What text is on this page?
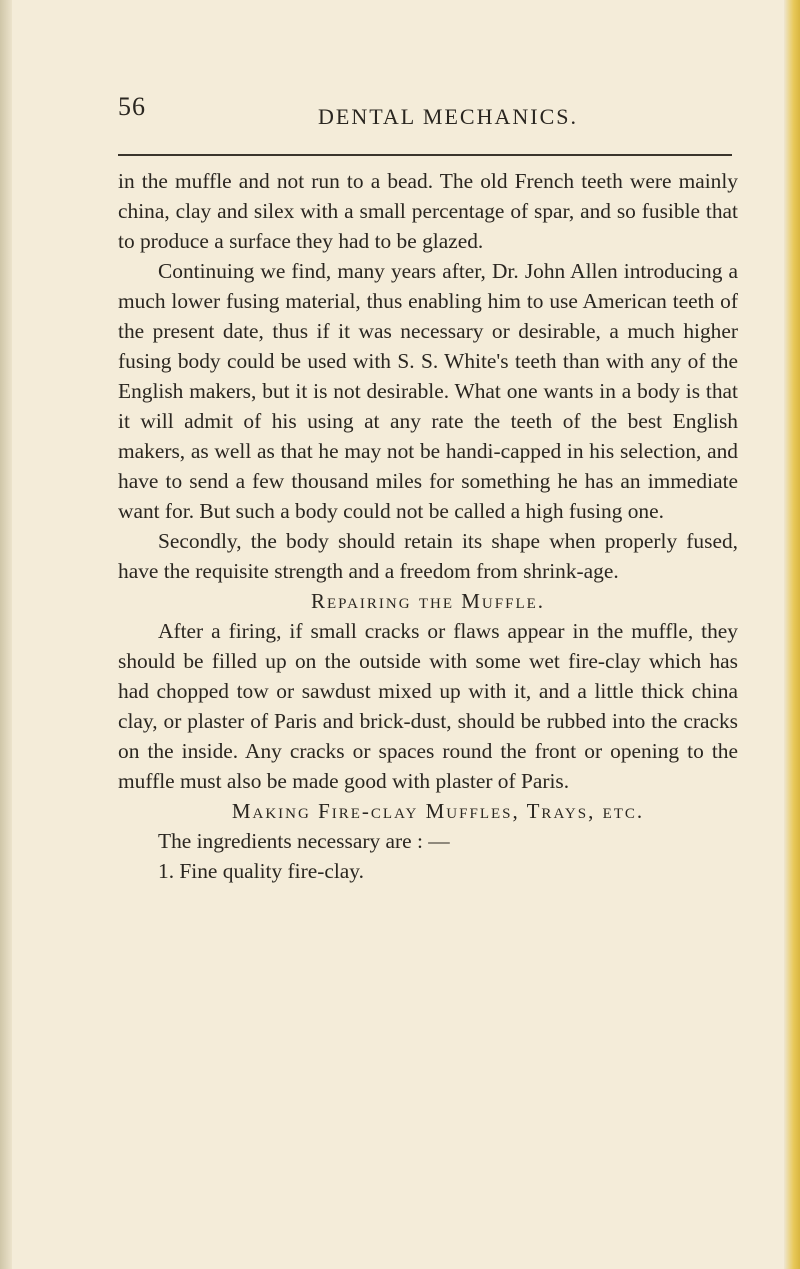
56	DENTAL MECHANICS.

in the muffle and not run to a bead. The old French teeth were mainly china, clay and silex with a small percentage of spar, and so fusible that to produce a surface they had to be glazed.

Continuing we find, many years after, Dr. John Allen introducing a much lower fusing material, thus enabling him to use American teeth of the present date, thus if it was necessary or desirable, a much higher fusing body could be used with S. S. White's teeth than with any of the English makers, but it is not desirable. What one wants in a body is that it will admit of his using at any rate the teeth of the best English makers, as well as that he may not be handi-capped in his selection, and have to send a few thousand miles for something he has an immediate want for. But such a body could not be called a high fusing one.

Secondly, the body should retain its shape when properly fused, have the requisite strength and a freedom from shrink-age.

Repairing the Muffle.

After a firing, if small cracks or flaws appear in the muffle, they should be filled up on the outside with some wet fire-clay which has had chopped tow or sawdust mixed up with it, and a little thick china clay, or plaster of Paris and brick-dust, should be rubbed into the cracks on the inside. Any cracks or spaces round the front or opening to the muffle must also be made good with plaster of Paris.

Making Fire-clay Muffles, Trays, etc.

The ingredients necessary are : —

1. Fine quality fire-clay.
